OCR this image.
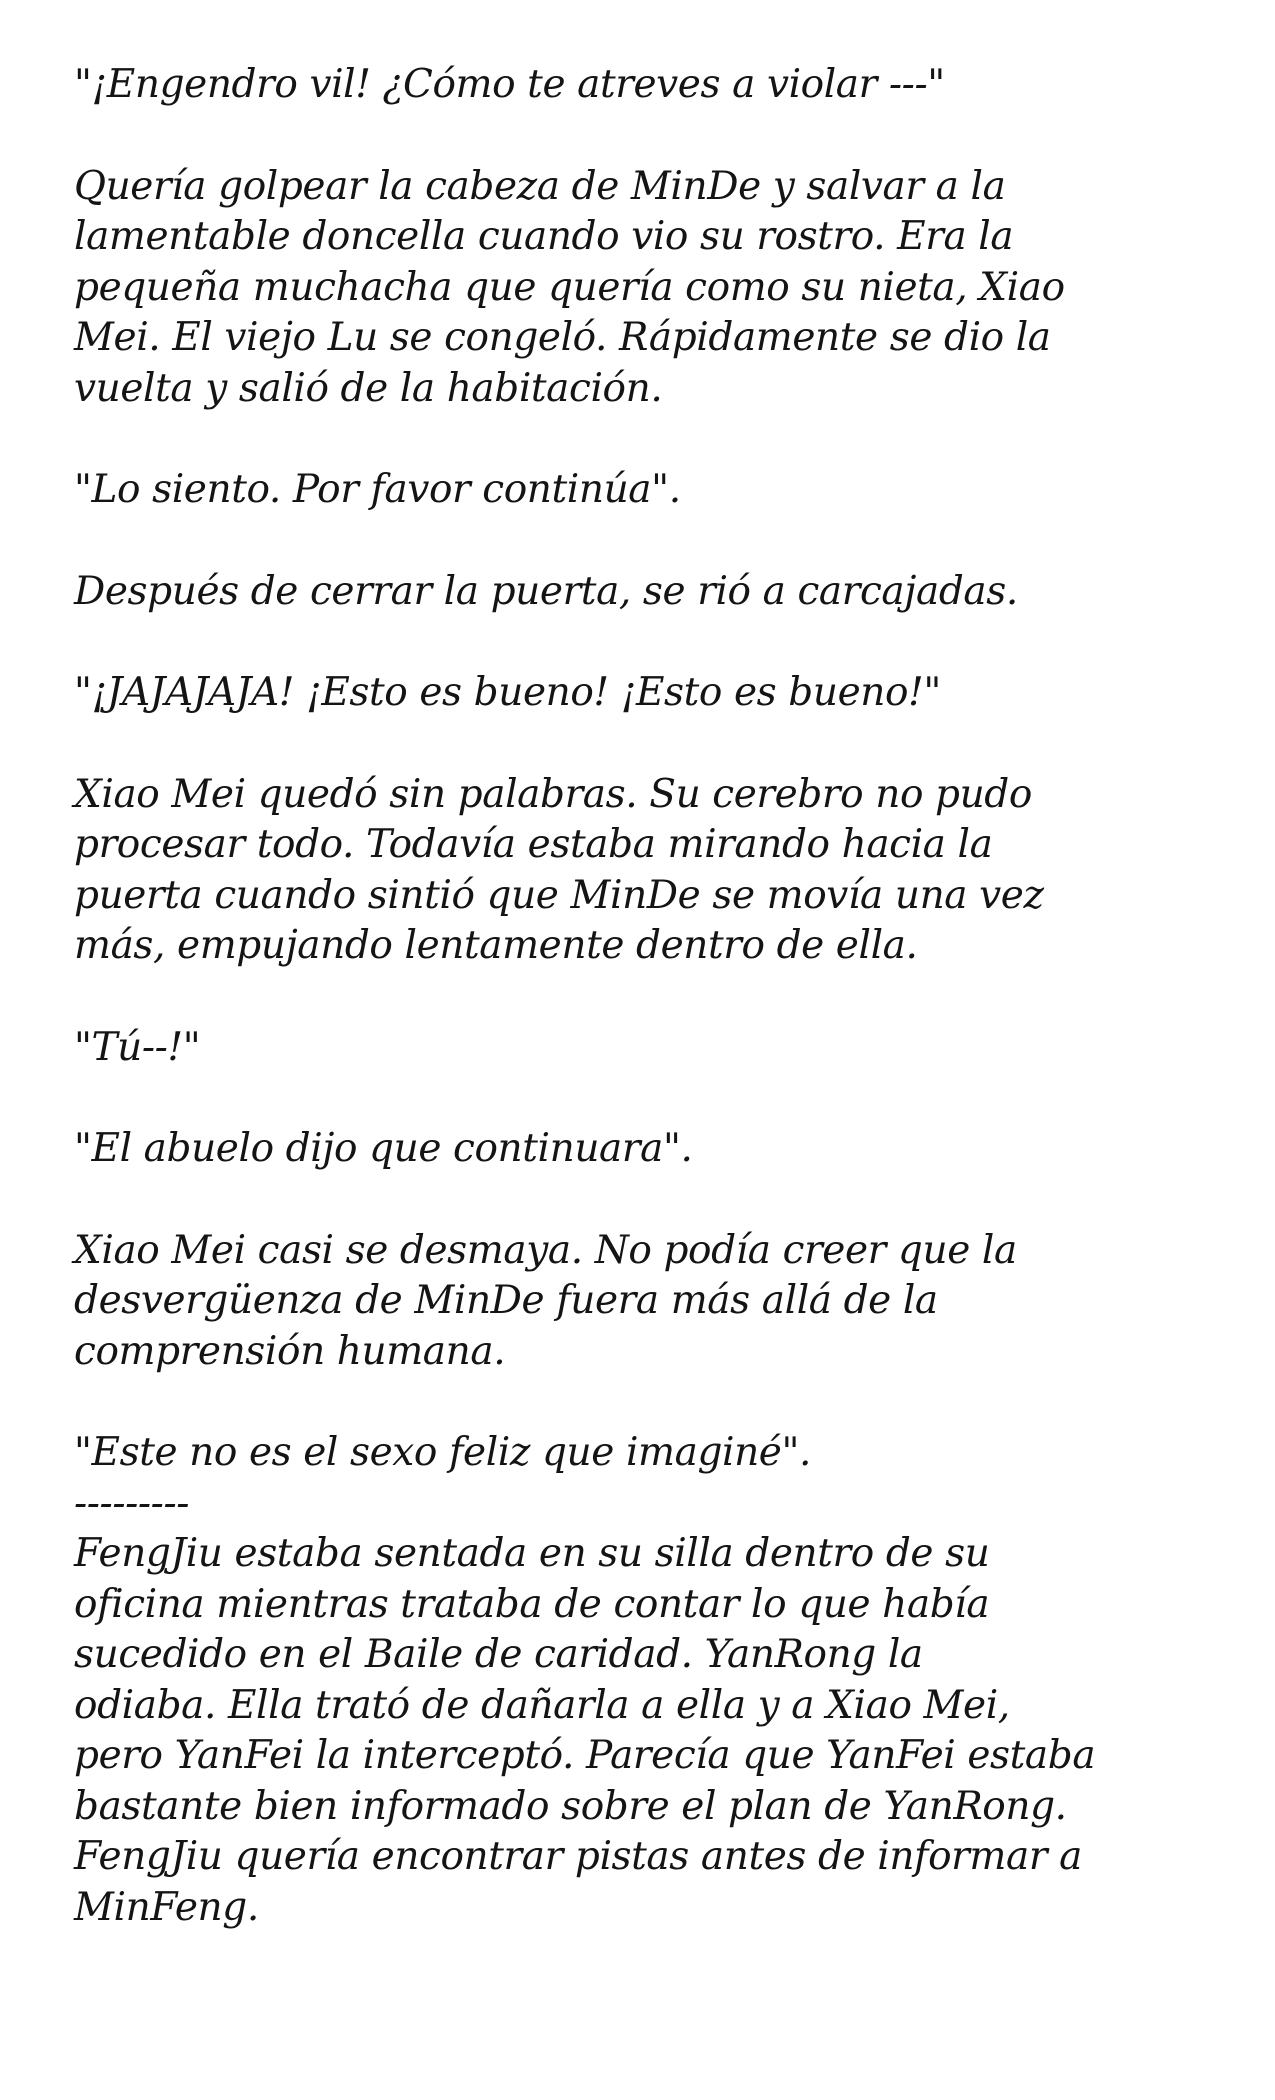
"¡Engendro vil! ¿Cómo te atreves a violar ---"

Quería golpear la cabeza de MinDe y salvar a la
lamentable doncella cuando vio su rostro. Era la
pequeña muchacha que quería como su nieta, Xiao
Mei. El viejo Lu se congeló. Rápidamente se dio la
vuelta y salió de la habitación.

"Lo siento. Por favor continúa".

Después de cerrar la puerta, se rió a carcajadas.

"¡JAJAJAJA! ¡Esto es bueno! ¡Esto es bueno!"

Xiao Mei quedó sin palabras. Su cerebro no pudo
procesar todo. Todavía estaba mirando hacia la
puerta cuando sintió que MinDe se movía una vez
más, empujando lentamente dentro de ella.

"Tú--!"

"El abuelo dijo que continuara".

Xiao Mei casi se desmaya. No podía creer que la
desvergüenza de MinDe fuera más allá de la
comprensión humana.

"Este no es el sexo feliz que imaginé".
---------
FengJiu estaba sentada en su silla dentro de su
oficina mientras trataba de contar lo que había
sucedido en el Baile de caridad. YanRong la
odiaba. Ella trató de dañarla a ella y a Xiao Mei,
pero YanFei la interceptó. Parecía que YanFei estaba
bastante bien informado sobre el plan de YanRong.
FengJiu quería encontrar pistas antes de informar a
MinFeng.
